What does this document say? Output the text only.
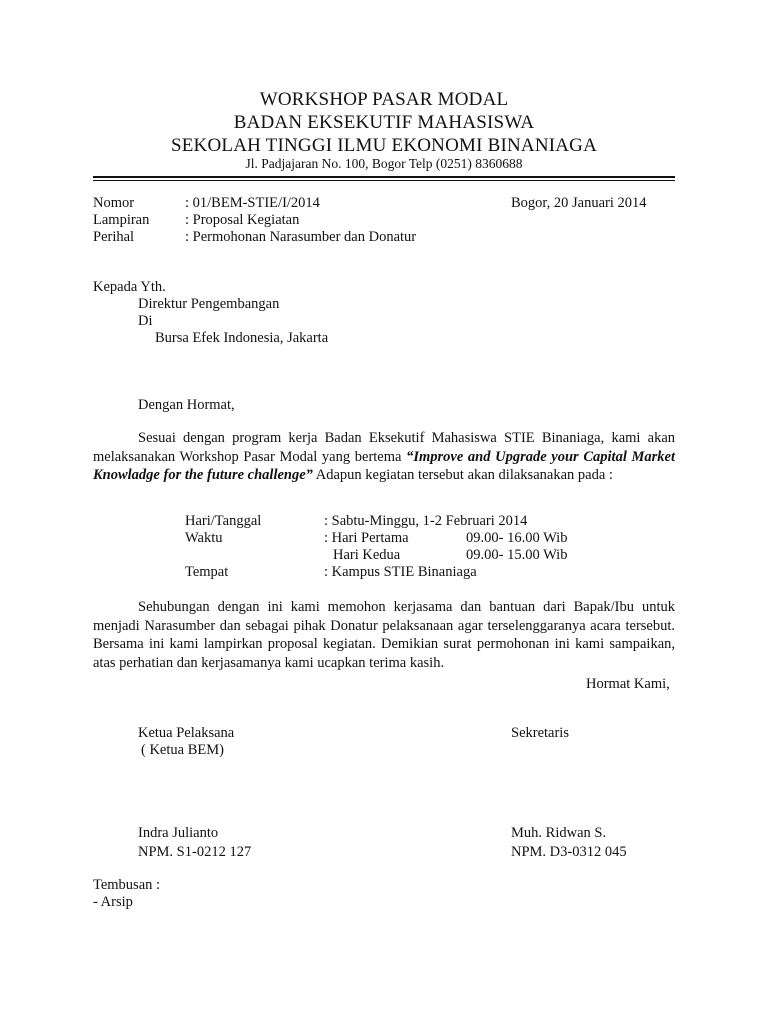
WORKSHOP PASAR MODAL
BADAN EKSEKUTIF MAHASISWA
SEKOLAH TINGGI ILMU EKONOMI BINANIAGA
Jl. Padjajaran No. 100, Bogor Telp (0251) 8360688
Nomor	: 01/BEM-STIE/I/2014	Bogor, 20 Januari 2014
Lampiran : Proposal Kegiatan
Perihal	: Permohonan Narasumber dan Donatur
Kepada Yth.
Direktur Pengembangan
Di
Bursa Efek Indonesia, Jakarta
Dengan Hormat,
Sesuai dengan program kerja Badan Eksekutif Mahasiswa STIE Binaniaga, kami akan melaksanakan Workshop Pasar Modal yang bertema “Improve and Upgrade your Capital Market Knowladge for the future challenge” Adapun kegiatan tersebut akan dilaksanakan pada :
Hari/Tanggal	: Sabtu-Minggu, 1-2 Februari 2014
Waktu	: Hari Pertama	09.00- 16.00 Wib
Hari Kedua	09.00- 15.00 Wib
Tempat	: Kampus STIE Binaniaga
Sehubungan dengan ini kami memohon kerjasama dan bantuan dari Bapak/Ibu untuk menjadi Narasumber dan sebagai pihak Donatur pelaksanaan agar terselenggaranya acara tersebut. Bersama ini kami lampirkan proposal kegiatan. Demikian surat permohonan ini kami sampaikan, atas perhatian dan kerjasamanya kami ucapkan terima kasih.
Hormat Kami,
Ketua Pelaksana
( Ketua BEM)
Sekretaris
Indra Julianto
NPM. S1-0212 127
Muh. Ridwan S.
NPM. D3-0312 045
Tembusan :
- Arsip
